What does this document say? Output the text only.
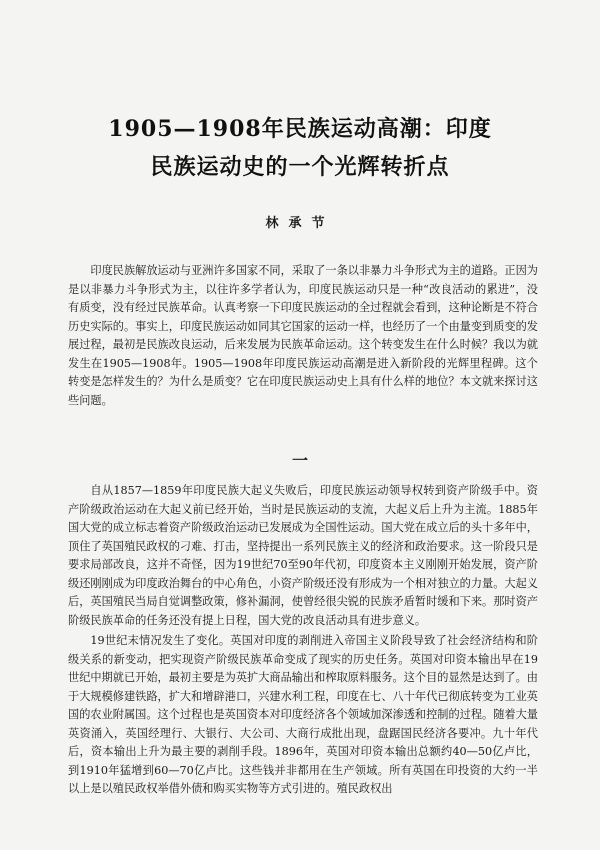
1905—1908年民族运动高潮：印度
民族运动史的一个光辉转折点
林承节

印度民族解放运动与亚洲许多国家不同，采取了一条以非暴力斗争形式为主的道路。正因为是以非暴力斗争形式为主，以往许多学者认为，印度民族运动只是一种“改良活动的累进”，没有质变，没有经过民族革命。认真考察一下印度民族运动的全过程就会看到，这种论断是不符合历史实际的。事实上，印度民族运动如同其它国家的运动一样，也经历了一个由量变到质变的发展过程，最初是民族改良运动，后来发展为民族革命运动。这个转变发生在什么时候？我以为就发生在1905—1908年。1905—1908年印度民族运动高潮是进入新阶段的光辉里程碑。这个转变是怎样发生的？为什么是质变？它在印度民族运动史上具有什么样的地位？本文就来探讨这些问题。

一

自从1857—1859年印度民族大起义失败后，印度民族运动领导权转到资产阶级手中。资产阶级政治运动在大起义前已经开始，当时是民族运动的支流，大起义后上升为主流。1885年国大党的成立标志着资产阶级政治运动已发展成为全国性运动。国大党在成立后的头十多年中，顶住了英国殖民政权的刁难、打击，坚持提出一系列民族主义的经济和政治要求。这一阶段只是要求局部改良，这并不奇怪，因为19世纪70至90年代初，印度资本主义刚刚开始发展，资产阶级还刚刚成为印度政治舞台的中心角色，小资产阶级还没有形成为一个相对独立的力量。大起义后，英国殖民当局自觉调整政策，修补漏洞，使曾经很尖锐的民族矛盾暂时缓和下来。那时资产阶级民族革命的任务还没有提上日程，国大党的改良活动具有进步意义。

19世纪末情况发生了变化。英国对印度的剥削进入帝国主义阶段导致了社会经济结构和阶级关系的新变动，把实现资产阶级民族革命变成了现实的历史任务。英国对印资本输出早在19世纪中期就已开始，最初主要是为英扩大商品输出和榨取原料服务。这个目的显然是达到了。由于大规模修建铁路，扩大和增辟港口，兴建水利工程，印度在七、八十年代已彻底转变为工业英国的农业附属国。这个过程也是英国资本对印度经济各个领域加深渗透和控制的过程。随着大量英资涌入，英国经理行、大银行、大公司、大商行成批出现，盘踞国民经济各要冲。九十年代后，资本输出上升为最主要的剥削手段。1896年，英国对印资本输出总额约40—50亿卢比，到1910年猛增到60—70亿卢比。这些钱并非都用在生产领域。所有英国在印投资的大约一半以上是以殖民政权举借外债和购买实物等方式引进的。殖民政权出
